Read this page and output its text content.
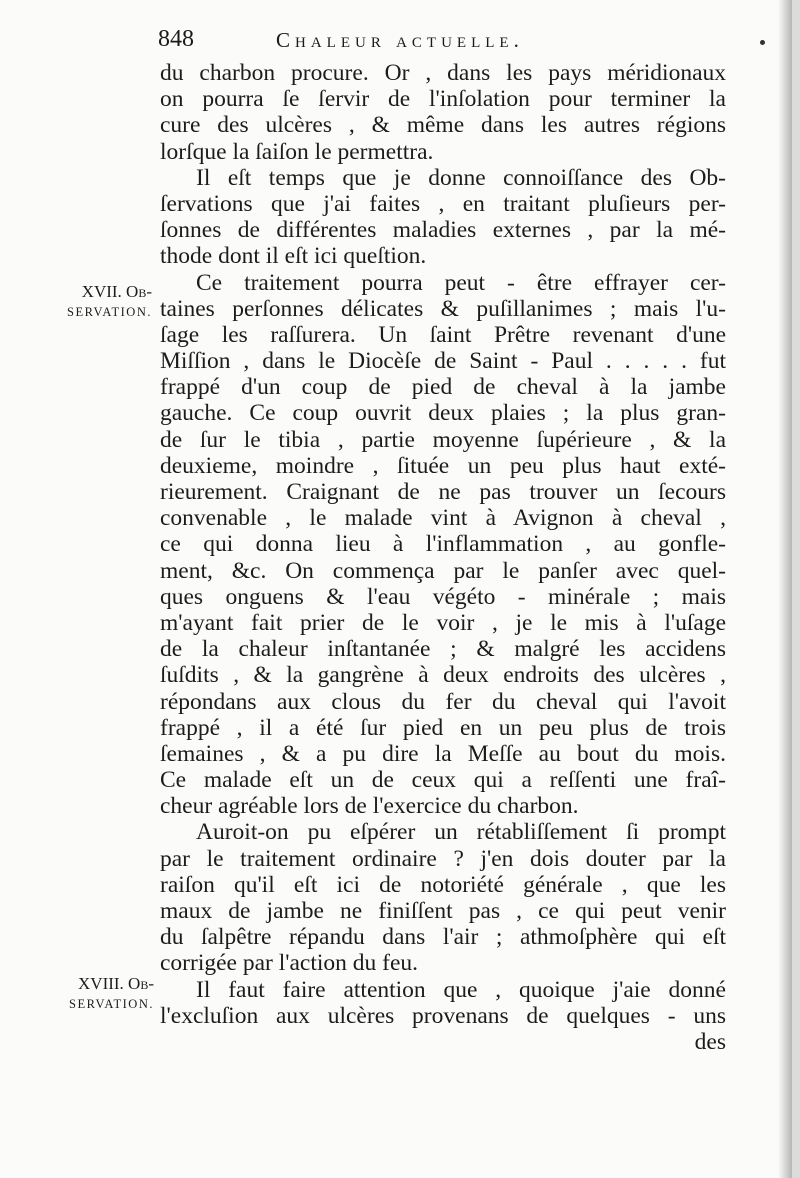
848	Chaleur actuelle.
XVII. Ob-
SERVATION.
XVIII. Ob-
SERVATION.
du charbon procure. Or , dans les pays méridionaux
on pourra ſe ſervir de l'inſolation pour terminer la
cure des ulcères , & même dans les autres régions
lorſque la ſaiſon le permettra.
Il eſt temps que je donne connoiſſance des Ob-
ſervations que j'ai faites , en traitant pluſieurs per-
ſonnes de différentes maladies externes , par la mé-
thode dont il eſt ici queſtion.
Ce traitement pourra peut - être effrayer cer-
taines perſonnes délicates & puſillanimes ; mais l'u-
ſage les raſſurera. Un ſaint Prêtre revenant d'une
Miſſion , dans le Diocèſe de Saint - Paul . . . . . fut
frappé d'un coup de pied de cheval à la jambe
gauche. Ce coup ouvrit deux plaies ; la plus gran-
de ſur le tibia , partie moyenne ſupérieure , & la
deuxieme, moindre , ſituée un peu plus haut exté-
rieurement. Craignant de ne pas trouver un ſecours
convenable , le malade vint à Avignon à cheval ,
ce qui donna lieu à l'inflammation , au gonfle-
ment, &c. On commença par le panſer avec quel-
ques onguens & l'eau végéto - minérale ; mais
m'ayant fait prier de le voir , je le mis à l'uſage
de la chaleur inſtantanée ; & malgré les accidens
ſuſdits , & la gangrène à deux endroits des ulcères ,
répondans aux clous du fer du cheval qui l'avoit
frappé , il a été ſur pied en un peu plus de trois
ſemaines , & a pu dire la Meſſe au bout du mois.
Ce malade eſt un de ceux qui a reſſenti une fraî-
cheur agréable lors de l'exercice du charbon.
Auroit-on pu eſpérer un rétabliſſement ſi prompt
par le traitement ordinaire ? j'en dois douter par la
raiſon qu'il eſt ici de notoriété générale , que les
maux de jambe ne finiſſent pas , ce qui peut venir
du ſalpêtre répandu dans l'air ; athmoſphère qui eſt
corrigée par l'action du feu.
Il faut faire attention que , quoique j'aie donné
l'excluſion aux ulcères provenans de quelques - uns
des
